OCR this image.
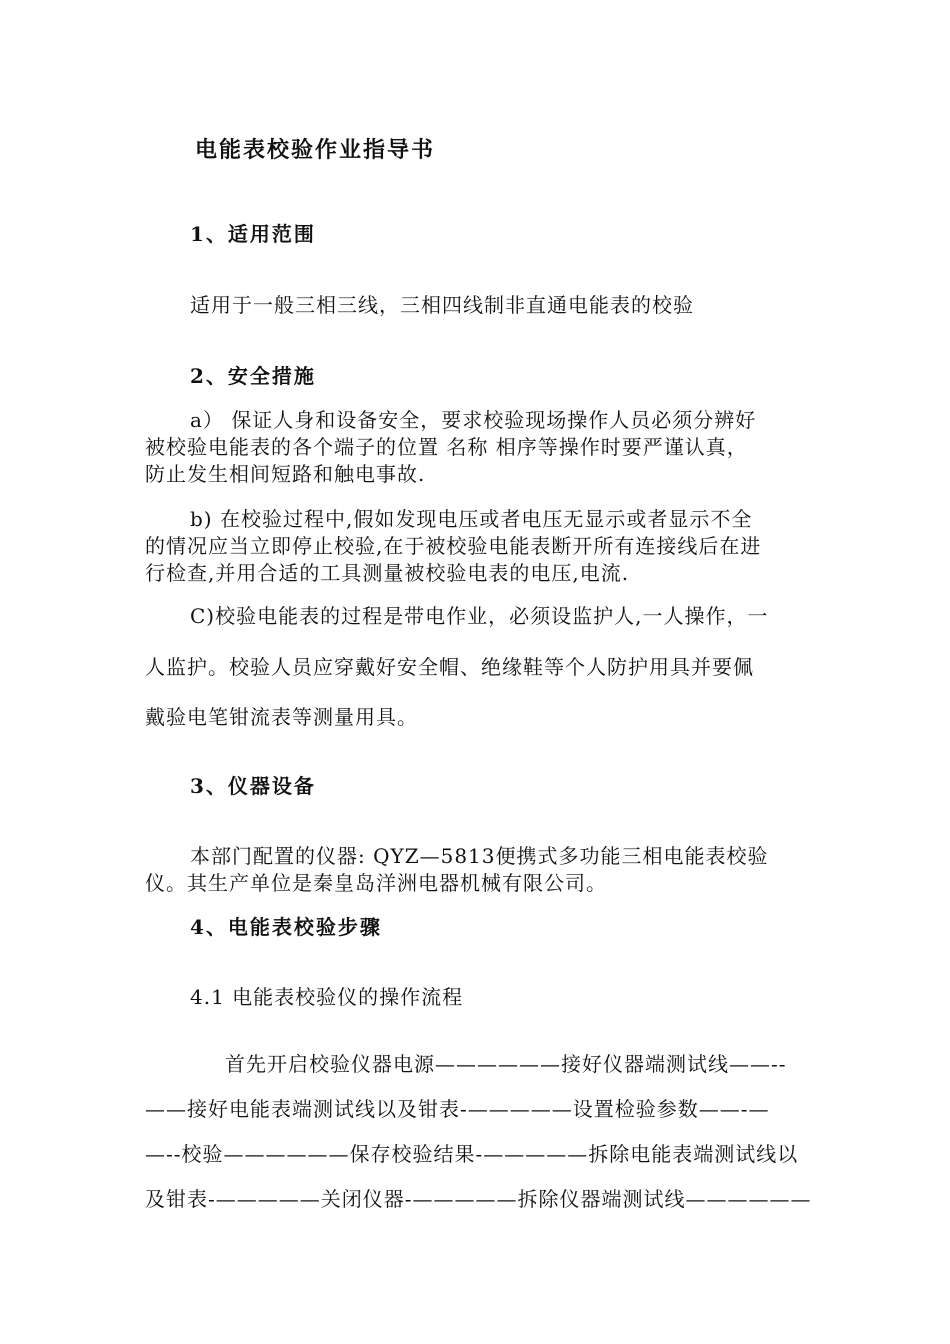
电能表校验作业指导书
1、适用范围
适用于一般三相三线，三相四线制非直通电能表的校验
2、安全措施
a） 保证人身和设备安全，要求校验现场操作人员必须分辨好
被校验电能表的各个端子的位置 名称 相序等操作时要严谨认真，
防止发生相间短路和触电事故.
b) 在校验过程中,假如发现电压或者电压无显示或者显示不全
的情况应当立即停止校验,在于被校验电能表断开所有连接线后在进
行检查,并用合适的工具测量被校验电表的电压,电流.
C)校验电能表的过程是带电作业，必须设监护人,一人操作，一
人监护。校验人员应穿戴好安全帽、绝缘鞋等个人防护用具并要佩
戴验电笔钳流表等测量用具。
3、仪器设备
本部门配置的仪器: QYZ—5813便携式多功能三相电能表校验
仪。其生产单位是秦皇岛洋洲电器机械有限公司。
4、电能表校验步骤
4.1 电能表校验仪的操作流程
首先开启校验仪器电源——————接好仪器端测试线——--
——接好电能表端测试线以及钳表-—————设置检验参数——-—
—--校验——————保存校验结果-—————拆除电能表端测试线以
及钳表-—————关闭仪器-—————拆除仪器端测试线——————
